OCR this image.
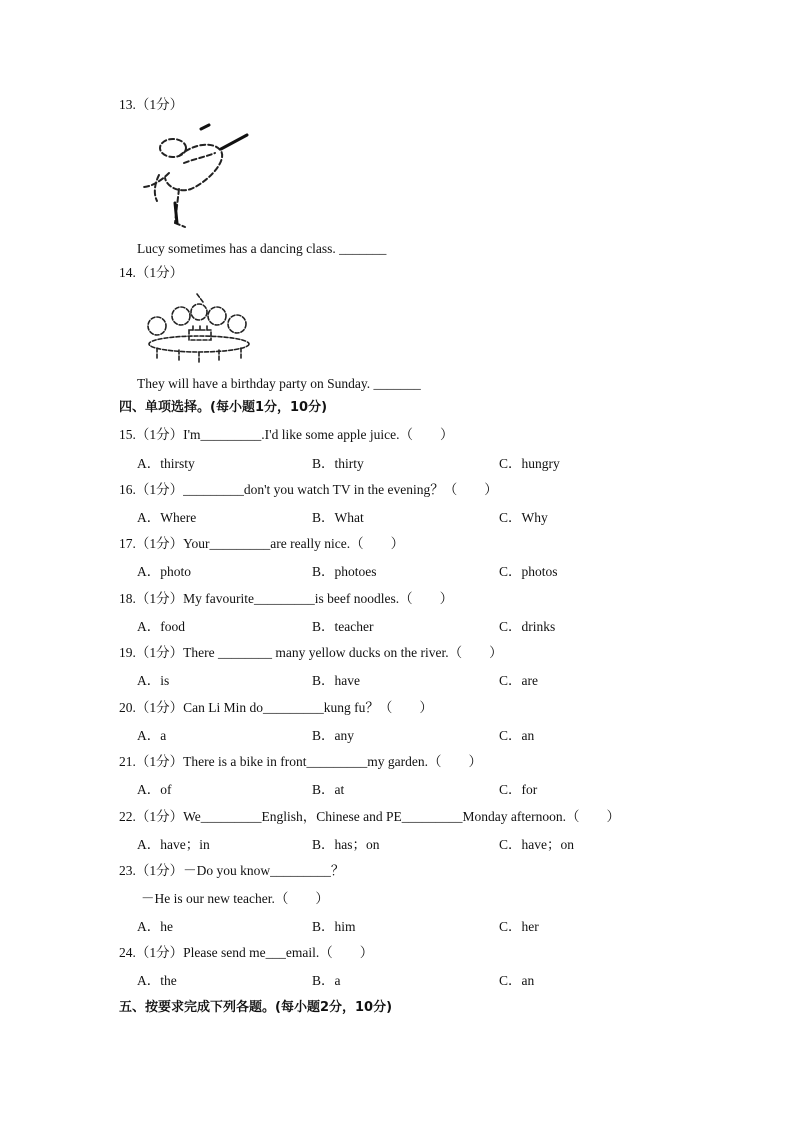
13.（1分）
Lucy sometimes has a dancing class. _______
14.（1分）
They will have a birthday party on Sunday. _______
四、单项选择。(每小题1分，10分)
15.（1分）I'm_________.I'd like some apple juice.（　　）
A．thirsty	B．thirty	C．hungry
16.（1分）_________don't you watch TV in the evening？（　　）
A．Where	B．What	C．Why
17.（1分）Your_________are really nice.（　　）
A．photo	B．photoes	C．photos
18.（1分）My favourite_________is beef noodles.（　　）
A．food	B．teacher	C．drinks
19.（1分）There ________ many yellow ducks on the river.（　　）
A．is	B．have	C．are
20.（1分）Can Li Min do_________kung fu？（　　）
A．a	B．any	C．an
21.（1分）There is a bike in front_________my garden.（　　）
A．of	B．at	C．for
22.（1分）We_________English，Chinese and PE_________Monday afternoon.（　　）
A．have；in	B．has；on	C．have；on
23.（1分）－Do you know_________？
－He is our new teacher.（　　）
A．he	B．him	C．her
24.（1分）Please send me___email.（　　）
A．the	B．a	C．an
五、按要求完成下列各题。(每小题2分，10分)
